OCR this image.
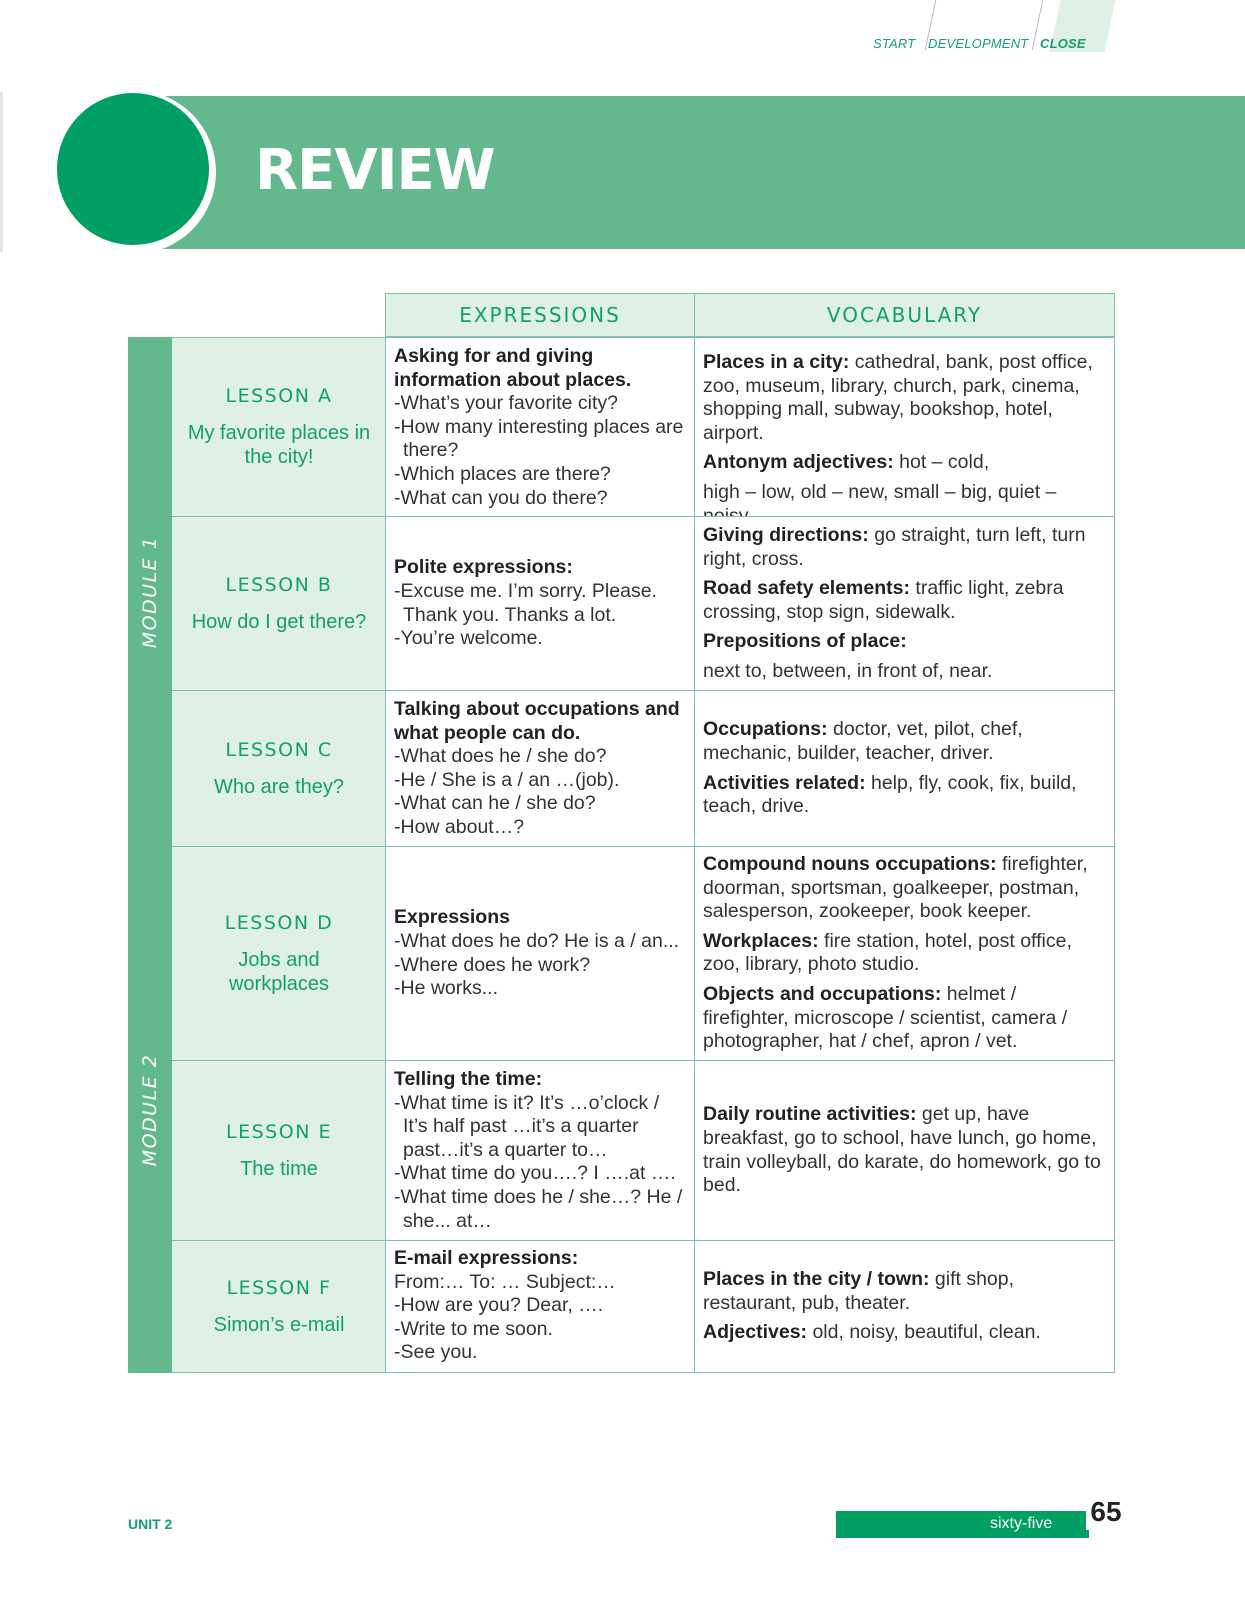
START DEVELOPMENT CLOSE
REVIEW
EXPRESSIONS	VOCABULARY
MODULE 1
MODULE 2
LESSON A
My favorite places in the city!
Asking for and giving information about places.
-What’s your favorite city?
-How many interesting places are there?
-Which places are there?
-What can you do there?
Places in a city: cathedral, bank, post office, zoo, museum, library, church, park, cinema, shopping mall, subway, bookshop, hotel, airport.
Antonym adjectives: hot – cold,
high – low, old – new, small – big, quiet –
LESSON B
How do I get there?
Polite expressions:
-Excuse me. I’m sorry. Please. Thank you. Thanks a lot.
-You’re welcome.
Giving directions: go straight, turn left, turn right, cross.
Road safety elements: traffic light, zebra crossing, stop sign, sidewalk.
Prepositions of place:
next to, between, in front of, near.
LESSON C
Who are they?
Talking about occupations and what people can do.
-What does he / she do?
-He / She is a / an …(job).
-What can he / she do?
-How about…?
Occupations: doctor, vet, pilot, chef, mechanic, builder, teacher, driver.
Activities related: help, fly, cook, fix, build, teach, drive.
LESSON D
Jobs and workplaces
Expressions
-What does he do? He is a / an...
-Where does he work?
-He works...
Compound nouns occupations: firefighter, doorman, sportsman, goalkeeper, postman, salesperson, zookeeper, book keeper.
Workplaces: fire station, hotel, post office, zoo, library, photo studio.
Objects and occupations: helmet / firefighter, microscope / scientist, camera / photographer, hat / chef, apron / vet.
LESSON E
The time
Telling the time:
-What time is it? It’s …o’clock / It’s half past …it’s a quarter past…it’s a quarter to…
-What time do you….? I ….at ….
-What time does he / she…? He / she... at…
Daily routine activities: get up, have breakfast, go to school, have lunch, go home, train volleyball, do karate, do homework, go to bed.
LESSON F
Simon’s e-mail
E-mail expressions:
From:… To: … Subject:…
-How are you? Dear, ….
-Write to me soon.
-See you.
Places in the city / town: gift shop, restaurant, pub, theater.
Adjectives: old, noisy, beautiful, clean.
UNIT 2	sixty-five 65
